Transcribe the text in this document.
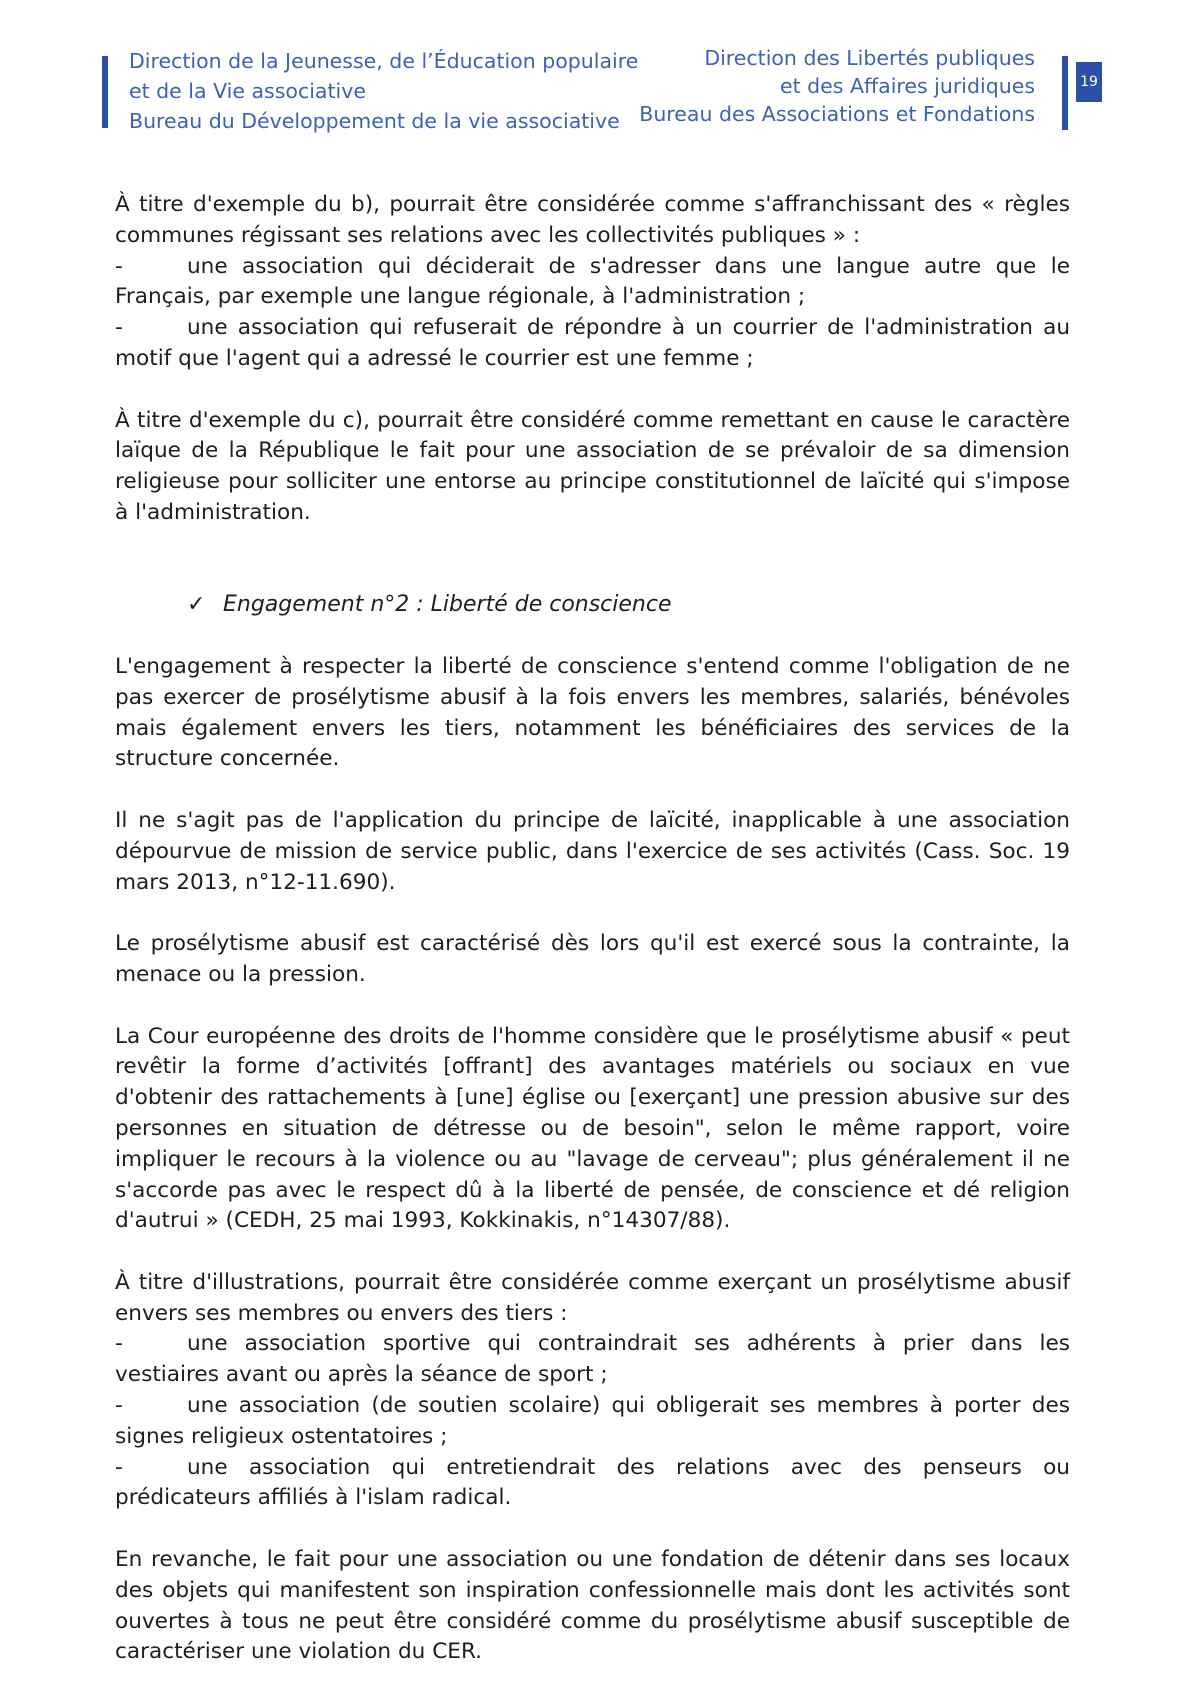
Direction de la Jeunesse, de l’Éducation populaire
et de la Vie associative
Bureau du Développement de la vie associative
Direction des Libertés publiques
et des Affaires juridiques
Bureau des Associations et Fondations
19

À titre d'exemple du b), pourrait être considérée comme s'affranchissant des « règles communes régissant ses relations avec les collectivités publiques » :

-	une association qui déciderait de s'adresser dans une langue autre que le Français, par exemple une langue régionale, à l'administration ;
-	une association qui refuserait de répondre à un courrier de l'administration au motif que l'agent qui a adressé le courrier est une femme ;

À titre d'exemple du c), pourrait être considéré comme remettant en cause le caractère laïque de la République le fait pour une association de se prévaloir de sa dimension religieuse pour solliciter une entorse au principe constitutionnel de laïcité qui s'impose à l'administration.

✓ Engagement n°2 : Liberté de conscience

L'engagement à respecter la liberté de conscience s'entend comme l'obligation de ne pas exercer de prosélytisme abusif à la fois envers les membres, salariés, bénévoles mais également envers les tiers, notamment les bénéficiaires des services de la structure concernée.

Il ne s'agit pas de l'application du principe de laïcité, inapplicable à une association dépourvue de mission de service public, dans l'exercice de ses activités (Cass. Soc. 19 mars 2013, n°12-11.690).

Le prosélytisme abusif est caractérisé dès lors qu'il est exercé sous la contrainte, la menace ou la pression.

La Cour européenne des droits de l'homme considère que le prosélytisme abusif « peut revêtir la forme d’activités [offrant] des avantages matériels ou sociaux en vue d'obtenir des rattachements à [une] église ou [exerçant] une pression abusive sur des personnes en situation de détresse ou de besoin", selon le même rapport, voire impliquer le recours à la violence ou au "lavage de cerveau"; plus généralement il ne s'accorde pas avec le respect dû à la liberté de pensée, de conscience et dé religion d'autrui » (CEDH, 25 mai 1993, Kokkinakis, n°14307/88).

À titre d'illustrations, pourrait être considérée comme exerçant un prosélytisme abusif envers ses membres ou envers des tiers :

-	une association sportive qui contraindrait ses adhérents à prier dans les vestiaires avant ou après la séance de sport ;
-	une association (de soutien scolaire) qui obligerait ses membres à porter des signes religieux ostentatoires ;
-	une association qui entretiendrait des relations avec des penseurs ou prédicateurs affiliés à l'islam radical.

En revanche, le fait pour une association ou une fondation de détenir dans ses locaux des objets qui manifestent son inspiration confessionnelle mais dont les activités sont ouvertes à tous ne peut être considéré comme du prosélytisme abusif susceptible de caractériser une violation du CER.
